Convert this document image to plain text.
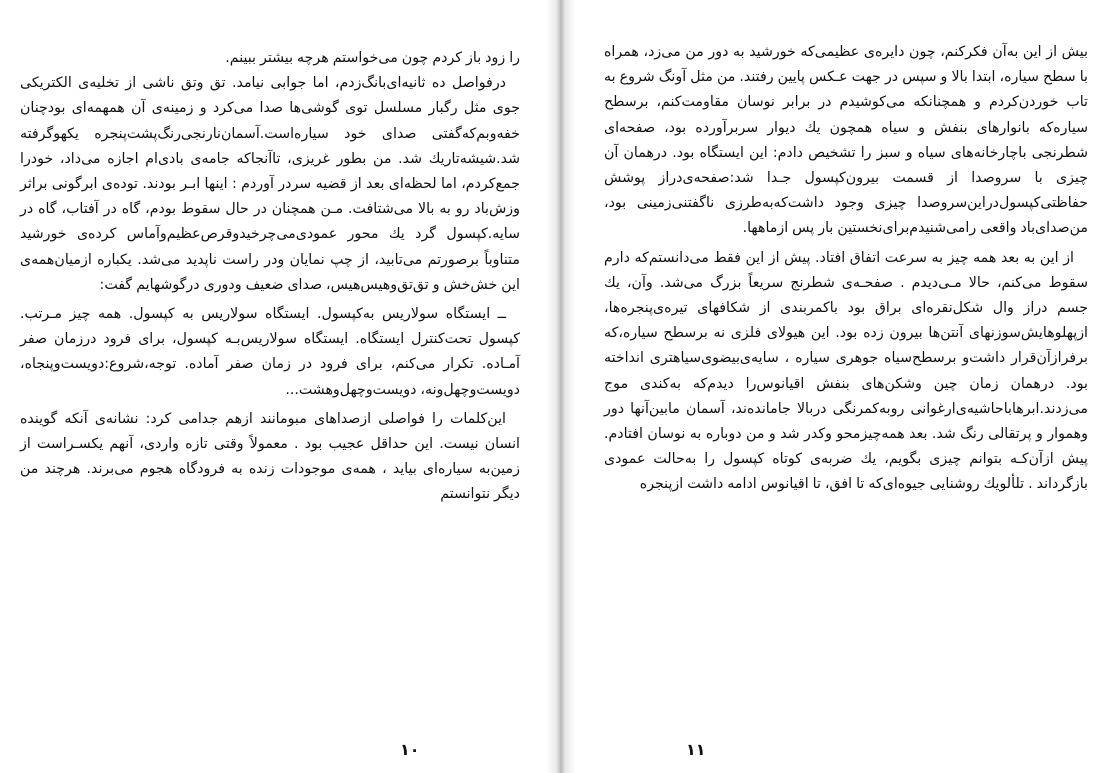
را زود باز کردم چون می‌خواستم هرچه بیشتر ببینم.

درفواصل ده ثانیه‌ای‌بانگ‌زدم، اما جوابی نیامد. تق وتق ناشی از تخلیه‌ی الکتریکی جوی مثل رگبار مسلسل توی گوشی‌ها صدا می‌کرد و زمینه‌ی آن همهمه‌ای بودچنان خفه‌وبم‌که‌گفتی صدای خود سیاره‌است.آسمان‌نارنجی‌رنگ‌پشت‌پنجره یکهوگرفته شد.شیشه‌تاریك شد. من بطور غریزی، تاآنجاکه جامه‌ی بادی‌ام اجازه می‌داد، خودرا جمع‌کردم، اما لحظه‌ای بعد از قضیه سردر آوردم : اینها ابـر بودند. توده‌ی ابرگونی براثر وزش‌باد رو به بالا می‌شتافت. مـن همچنان در حال سقوط بودم، گاه در آفتاب، گاه در سایه.کپسول گرد یك محور عمودی‌می‌چرخیدوقرص‌عظیم‌وآماس کرده‌ی خورشید متناوباً برصورتم می‌تابید، از چپ نمایان ودر راست ناپدید می‌شد. یکباره ازمیان‌همه‌ی این خش‌خش و تق‌تق‌وهیس‌هیس، صدای ضعیف ودوری درگوشهایم گفت:

ــ ایستگاه سولاریس به‌کپسول. ایستگاه سولاریس به کپسول. همه چیز مـرتب. کپسول تحت‌کنترل ایستگاه. ایستگاه سولاریس‌بـه کپسول، برای فرود درزمان صفر آمـاده. تکرار می‌کنم، برای فرود در زمان صفر آماده. توجه،شروع:دویست‌وپنجاه، دویست‌وچهل‌ونه، دویست‌وچهل‌وهشت...

این‌کلمات را فواصلی ازصداهای مبومانند ازهم جدامی کرد: نشانه‌ی آنکه گوینده انسان نیست. این حداقل عجیب بود . معمولاً وقتی تازه واردی، آنهم یکسـراست از زمین‌به سیاره‌ای بیاید ، همه‌ی موجودات زنده به فرودگاه هجوم می‌برند. هرچند من دیگر نتوانستم

۱۰

بیش از این به‌آن فکرکنم، چون دایره‌ی عظیمی‌که خورشید به دور من می‌زد، همراه با سطح سیاره، ابتدا بالا و سپس در جهت عـکس پایین رفتند. من مثل آونگ شروع به تاب خوردن‌کردم و همچنانکه می‌کوشیدم در برابر نوسان مقاومت‌کنم، برسطح سیاره‌که بانوارهای بنفش و سیاه همچون یك دیوار سربرآورده بود، صفحه‌ای شطرنجی باچارخانه‌های سیاه و سبز را تشخیص دادم: این ایستگاه بود. درهمان آن چیزی با سروصدا از قسمت بیرون‌کپسول جـدا شد:صفحه‌ی‌دراز پوشش حفاظتی‌کپسول‌دراین‌سروصدا چیزی وجود داشت‌که‌به‌طرزی ناگفتنی‌زمینی بود، من‌صدای‌باد واقعی رامی‌شنیدم‌برای‌نخستین بار پس ازماهها.

از این به بعد همه چیز به سرعت اتفاق افتاد. پیش از این فقط می‌دانستم‌که دارم سقوط می‌کنم، حالا مـی‌دیدم . صفحـه‌ی شطرنج سریعاً بزرگ می‌شد. وآن، یك جسم دراز وال شکل‌نقره‌ای براق بود باکمربندی از شکافهای تیره‌ی‌پنجره‌ها، ازپهلوهایش‌سوزنهای آنتن‌ها بیرون زده بود. این هیولای فلزی نه برسطح سیاره،که برفرازآن‌قرار داشت‌و برسطح‌سیاه جوهری سیاره ، سایه‌ی‌بیضوی‌سیاهتری انداخته بود. درهمان زمان چین وشکن‌های بنفش اقیانوس‌را دیدم‌که به‌کندی موج می‌زدند.ابرها‌باحاشیه‌ی‌ارغوانی روبه‌کمرنگی دربالا جامانده‌ند، آسمان مابین‌آنها دور وهموار و پرتقالی رنگ شد. بعد همه‌چیزمحو وکدر شد و من دوباره به نوسان افتادم. پیش ازآن‌کـه بتوانم چیزی بگویم، یك ضربه‌ی کوتاه کپسول را به‌حالت عمودی بازگرداند . تلألویك روشنایی جیوه‌ای‌که تا افق، تا اقیانوس ادامه داشت ازپنجره

۱۱
